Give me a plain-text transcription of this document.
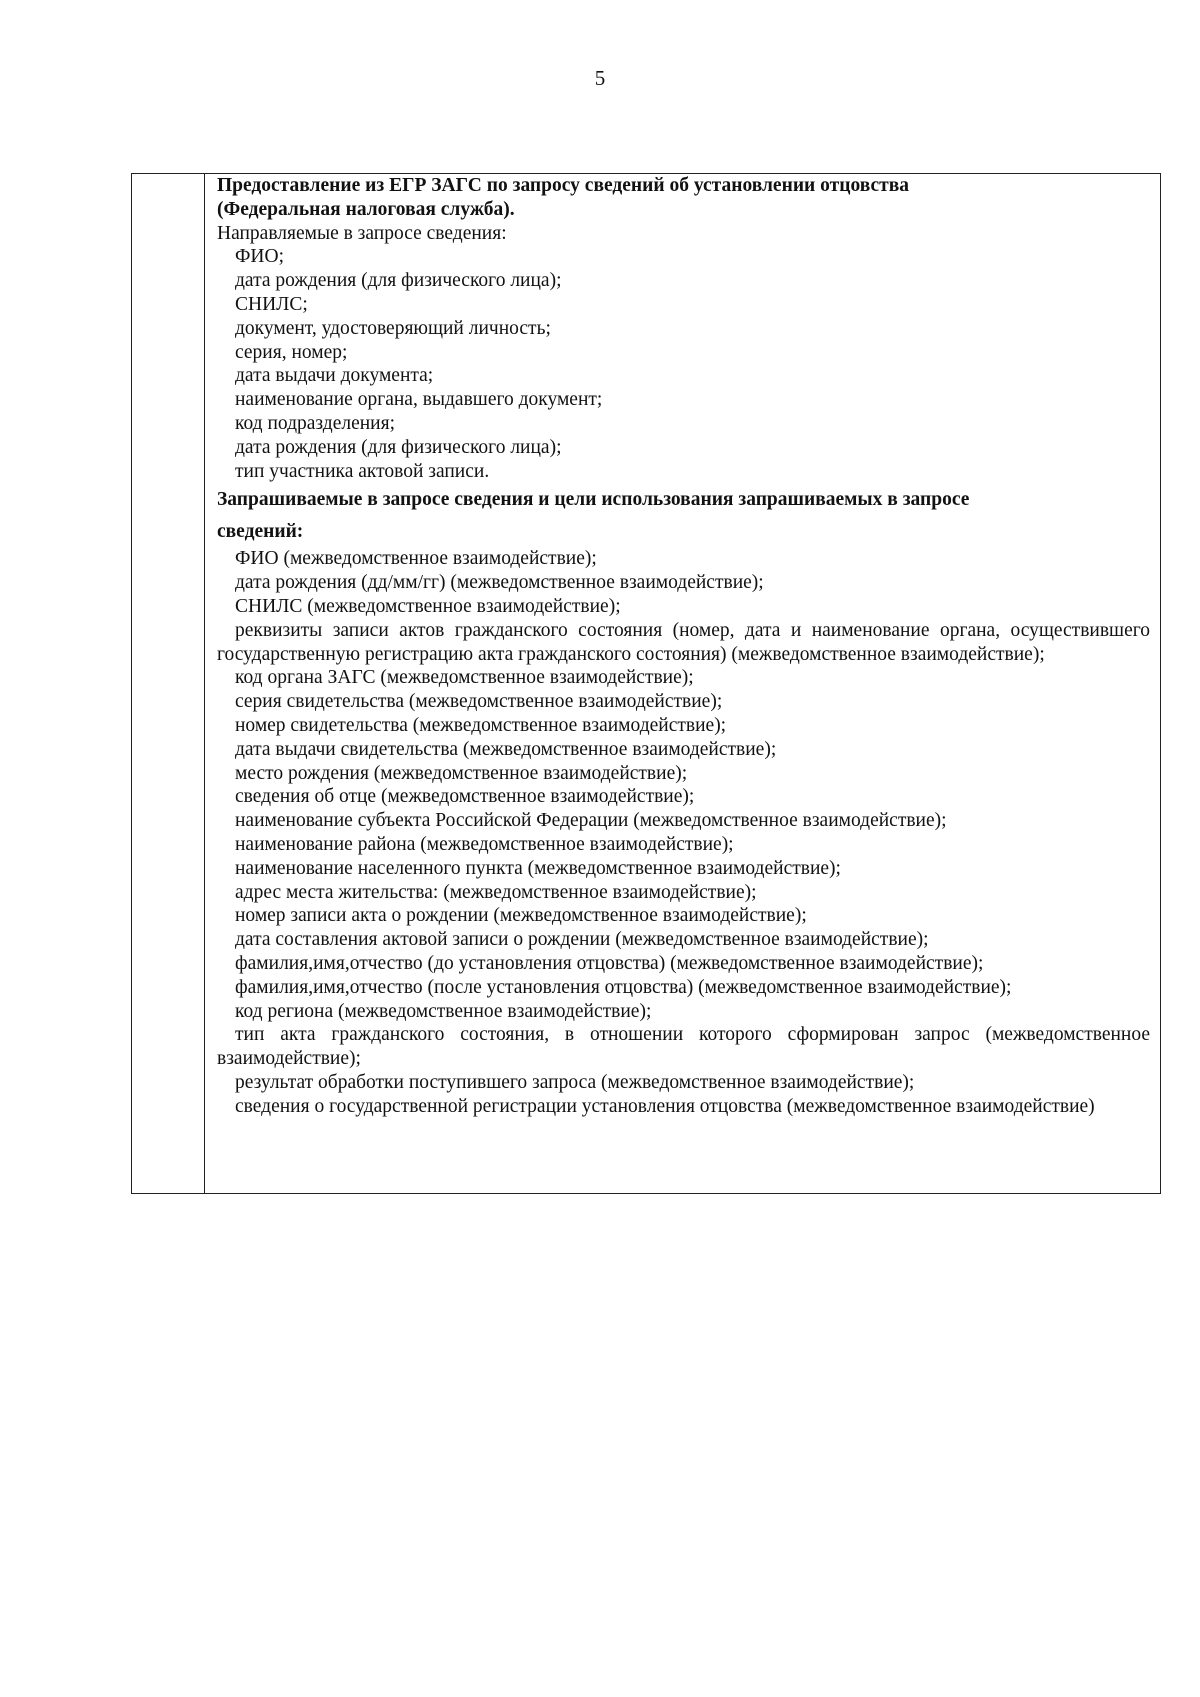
5
Предоставление из ЕГР ЗАГС по запросу сведений об установлении отцовства
(Федеральная налоговая служба).
Направляемые в запросе сведения:
ФИО;
дата рождения (для физического лица);
СНИЛС;
документ, удостоверяющий личность;
серия, номер;
дата выдачи документа;
наименование органа, выдавшего документ;
код подразделения;
дата рождения (для физического лица);
тип участника актовой записи.
Запрашиваемые в запросе сведения и цели использования запрашиваемых в запросе
сведений:
ФИО (межведомственное взаимодействие);
дата рождения (дд/мм/гг) (межведомственное взаимодействие);
СНИЛС (межведомственное взаимодействие);
реквизиты записи актов гражданского состояния (номер, дата и наименование органа, осуществившего государственную регистрацию акта гражданского состояния) (межведомственное взаимодействие);
код органа ЗАГС (межведомственное взаимодействие);
серия свидетельства (межведомственное взаимодействие);
номер свидетельства (межведомственное взаимодействие);
дата выдачи свидетельства (межведомственное взаимодействие);
место рождения (межведомственное взаимодействие);
сведения об отце (межведомственное взаимодействие);
наименование субъекта Российской Федерации (межведомственное взаимодействие);
наименование района (межведомственное взаимодействие);
наименование населенного пункта (межведомственное взаимодействие);
адрес места жительства: (межведомственное взаимодействие);
номер записи акта о рождении (межведомственное взаимодействие);
дата составления актовой записи о рождении (межведомственное взаимодействие);
фамилия,имя,отчество (до установления отцовства) (межведомственное взаимодействие);
фамилия,имя,отчество (после установления отцовства) (межведомственное взаимодействие);
код региона (межведомственное взаимодействие);
тип акта гражданского состояния, в отношении которого сформирован запрос (межведомственное взаимодействие);
результат обработки поступившего запроса (межведомственное взаимодействие);
сведения о государственной регистрации установления отцовства (межведомственное взаимодействие)
